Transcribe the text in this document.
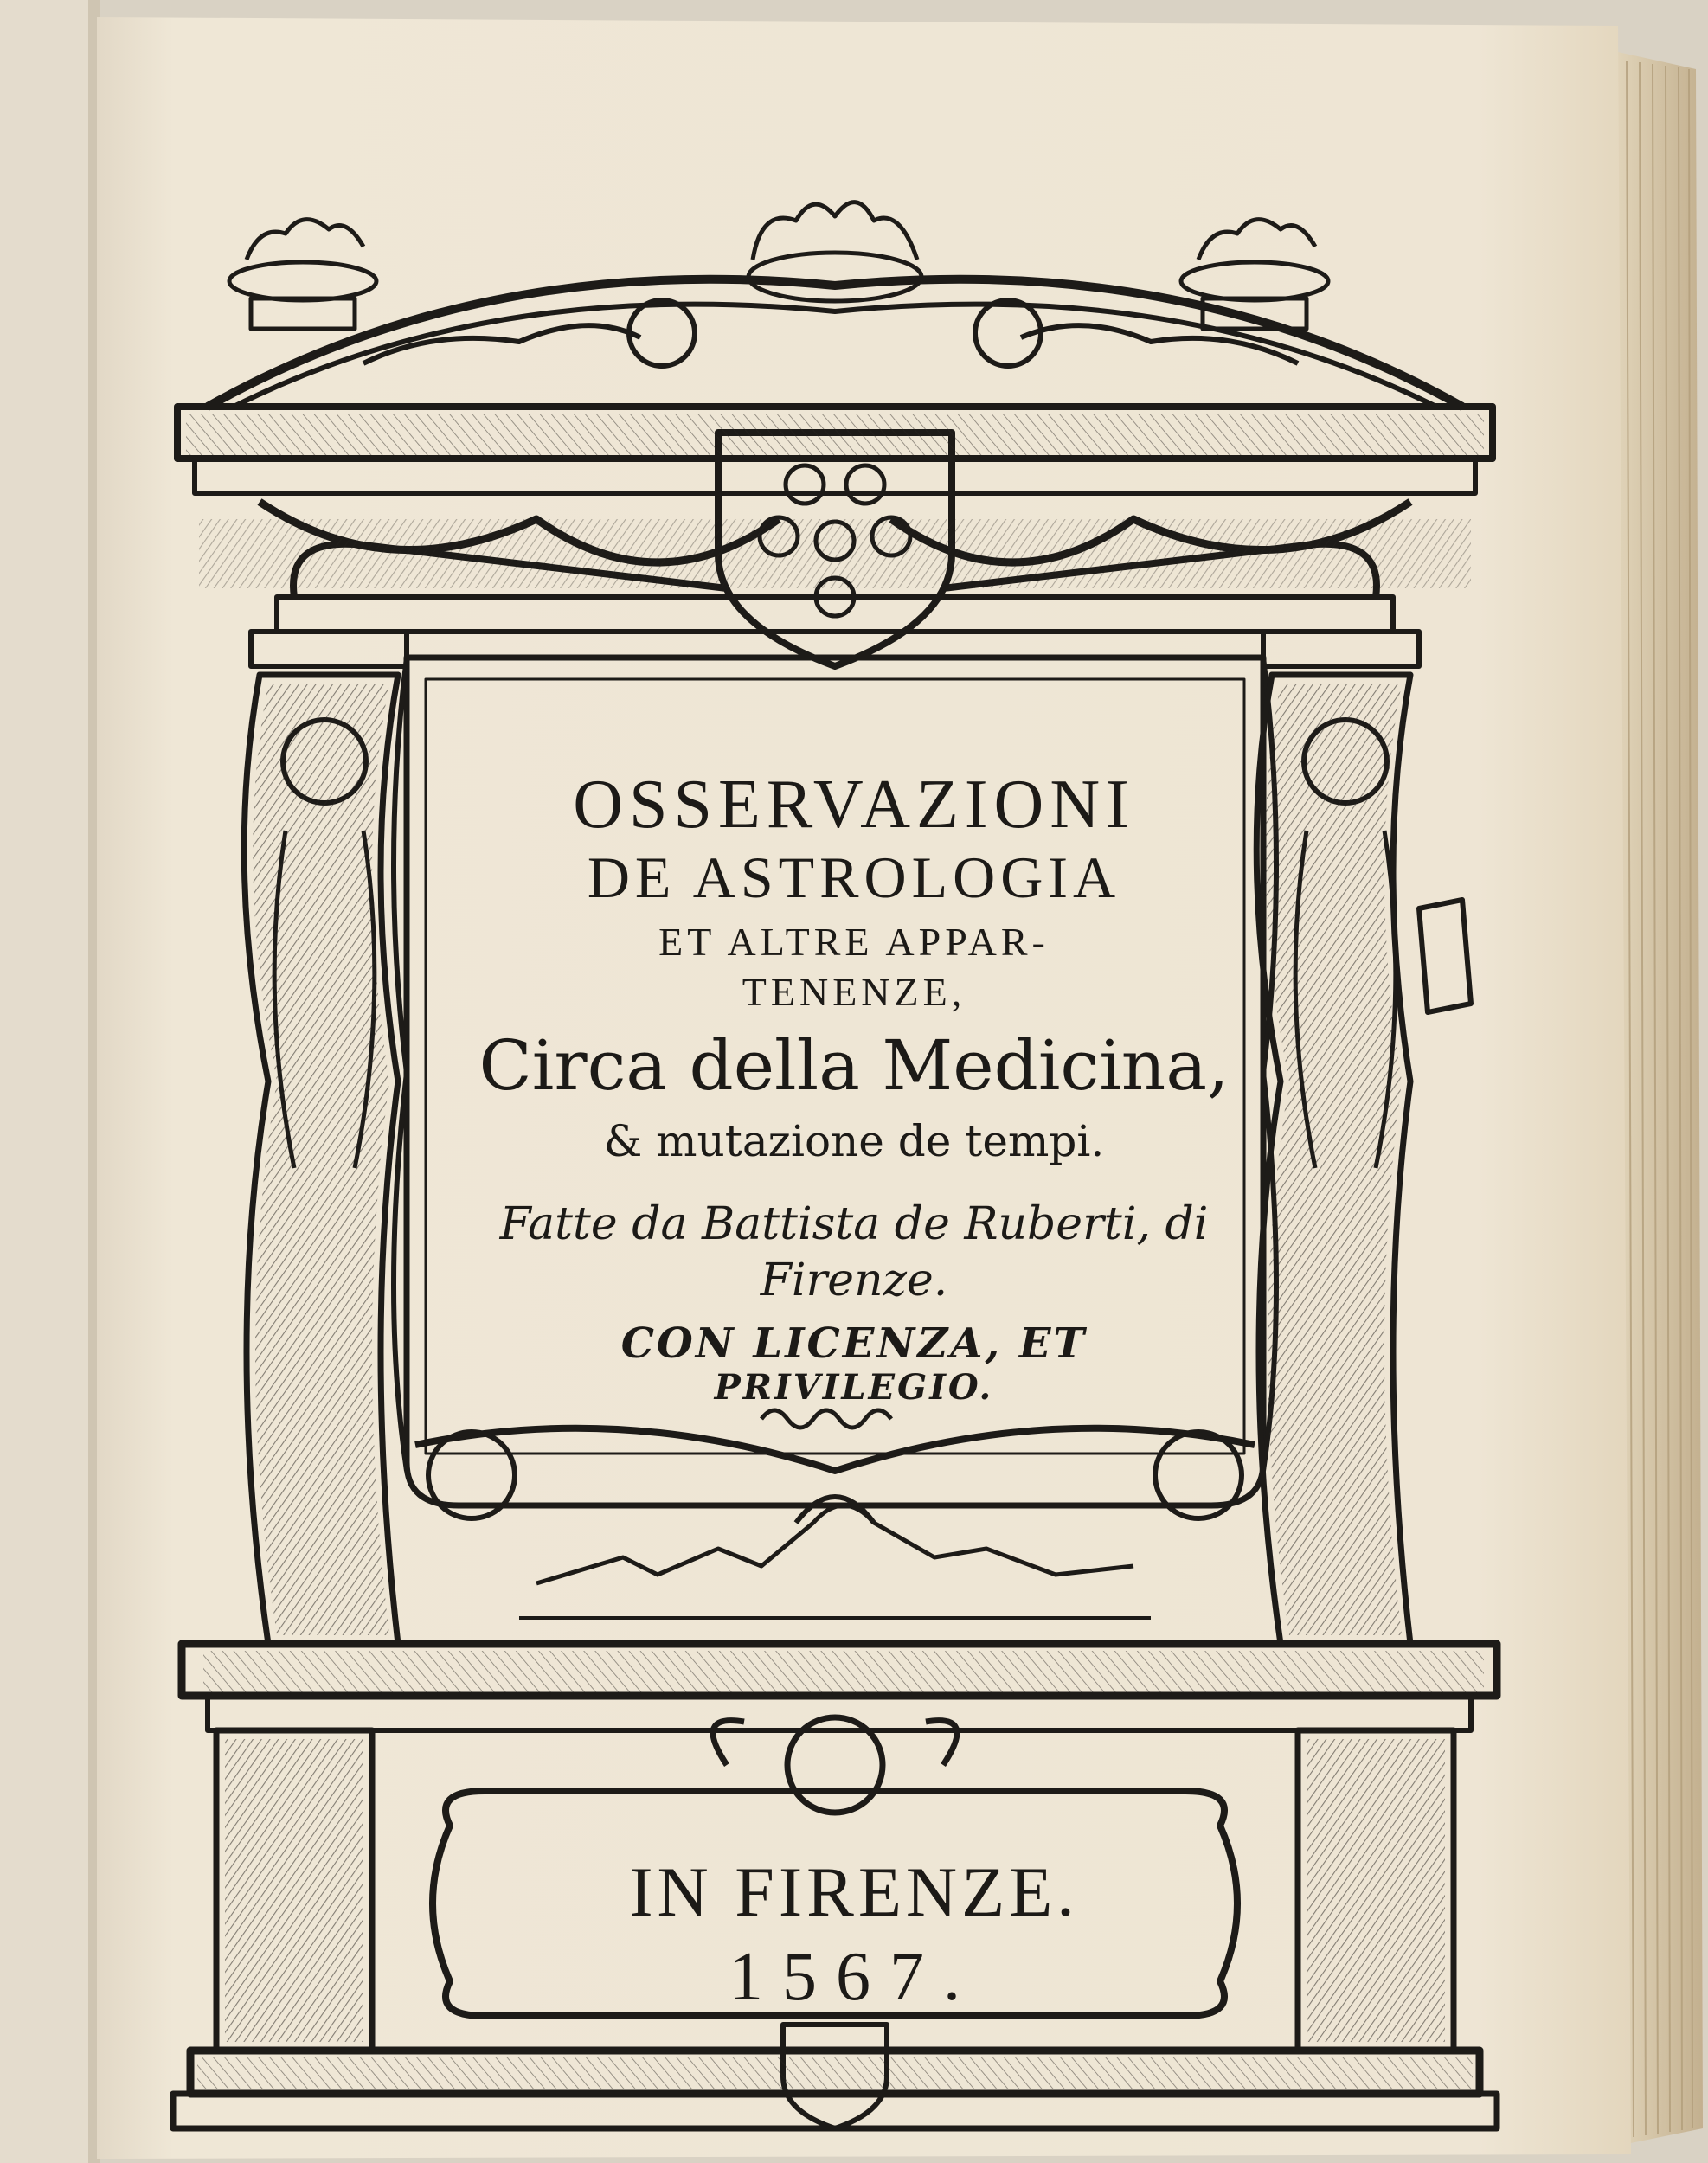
OSSERVAZIONI
DE ASTROLOGIA
ET ALTRE APPAR-
TENENZE,
Circa della Medicina,
& mutazione de tempi.
Fatte da Battista de Ruberti, di
Firenze.
CON LICENZA, ET
PRIVILEGIO.
IN FIRENZE.
1567.
